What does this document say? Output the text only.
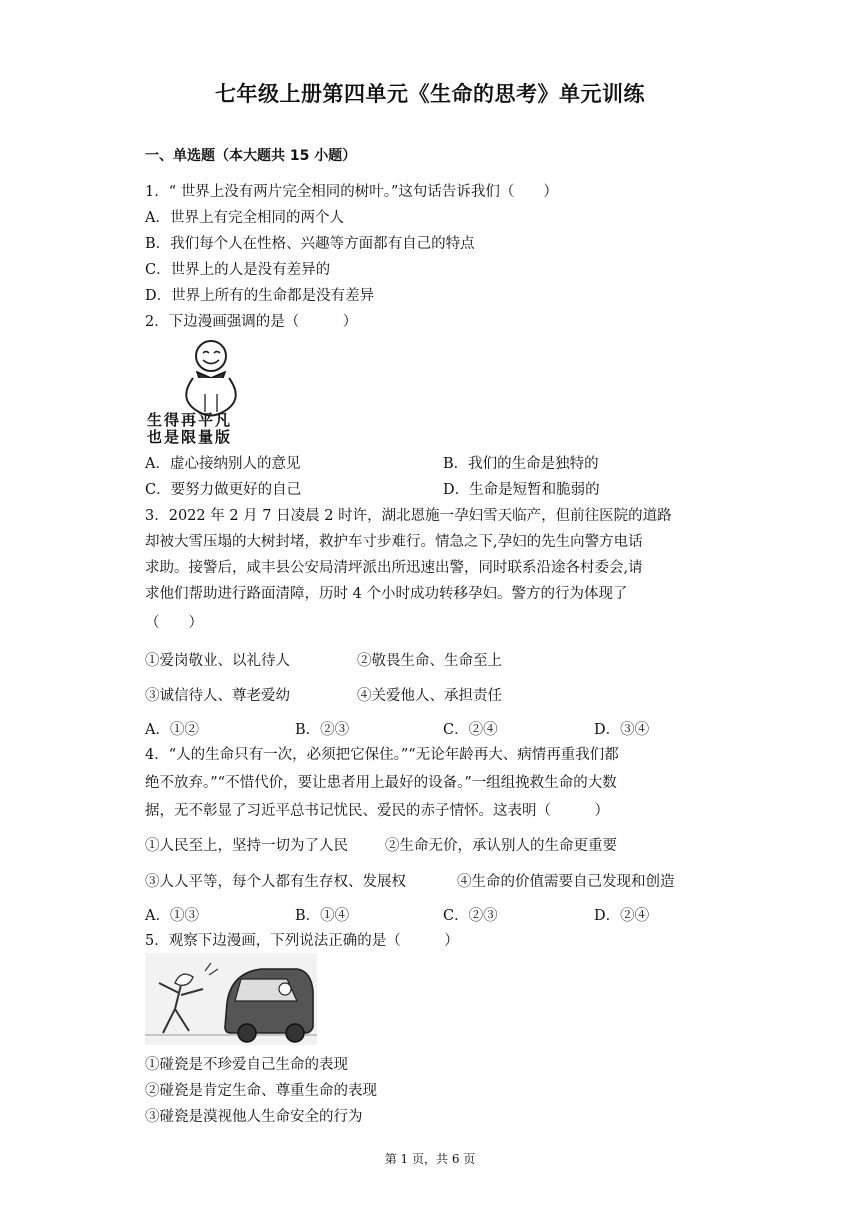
七年级上册第四单元《生命的思考》单元训练
一、单选题（本大题共 15 小题）
1．“ 世界上没有两片完全相同的树叶。”这句话告诉我们（　　）
A．世界上有完全相同的两个人
B．我们每个人在性格、兴趣等方面都有自己的特点
C．世界上的人是没有差异的
D．世界上所有的生命都是没有差异
2．下边漫画强调的是（　　　）
生得再平凡
也是限量版
A．虚心接纳别人的意见	B．我们的生命是独特的
C．要努力做更好的自己	D．生命是短暂和脆弱的
3．2022 年 2 月 7 日凌晨 2 时许，湖北恩施一孕妇雪天临产，但前往医院的道路
却被大雪压塌的大树封堵，救护车寸步难行。情急之下,孕妇的先生向警方电话
求助。接警后，咸丰县公安局清坪派出所迅速出警，同时联系沿途各村委会,请
求他们帮助进行路面清障，历时 4 个小时成功转移孕妇。警方的行为体现了
（　　）
①爱岗敬业、以礼待人	②敬畏生命、生命至上
③诚信待人、尊老爱幼	④关爱他人、承担责任
A．①②	B．②③	C．②④	D．③④
4．“人的生命只有一次，必须把它保住。”“无论年龄再大、病情再重我们都
绝不放弃。”“不惜代价，要让患者用上最好的设备。”一组组挽救生命的大数
据，无不彰显了习近平总书记忧民、爱民的赤子情怀。这表明（　　　）
①人民至上，坚持一切为了人民	②生命无价，承认别人的生命更重要
③人人平等，每个人都有生存权、发展权	④生命的价值需要自己发现和创造
A．①③	B．①④	C．②③	D．②④
5．观察下边漫画，下列说法正确的是（　　　）
①碰瓷是不珍爱自己生命的表现
②碰瓷是肯定生命、尊重生命的表现
③碰瓷是漠视他人生命安全的行为
第 1 页，共 6 页
